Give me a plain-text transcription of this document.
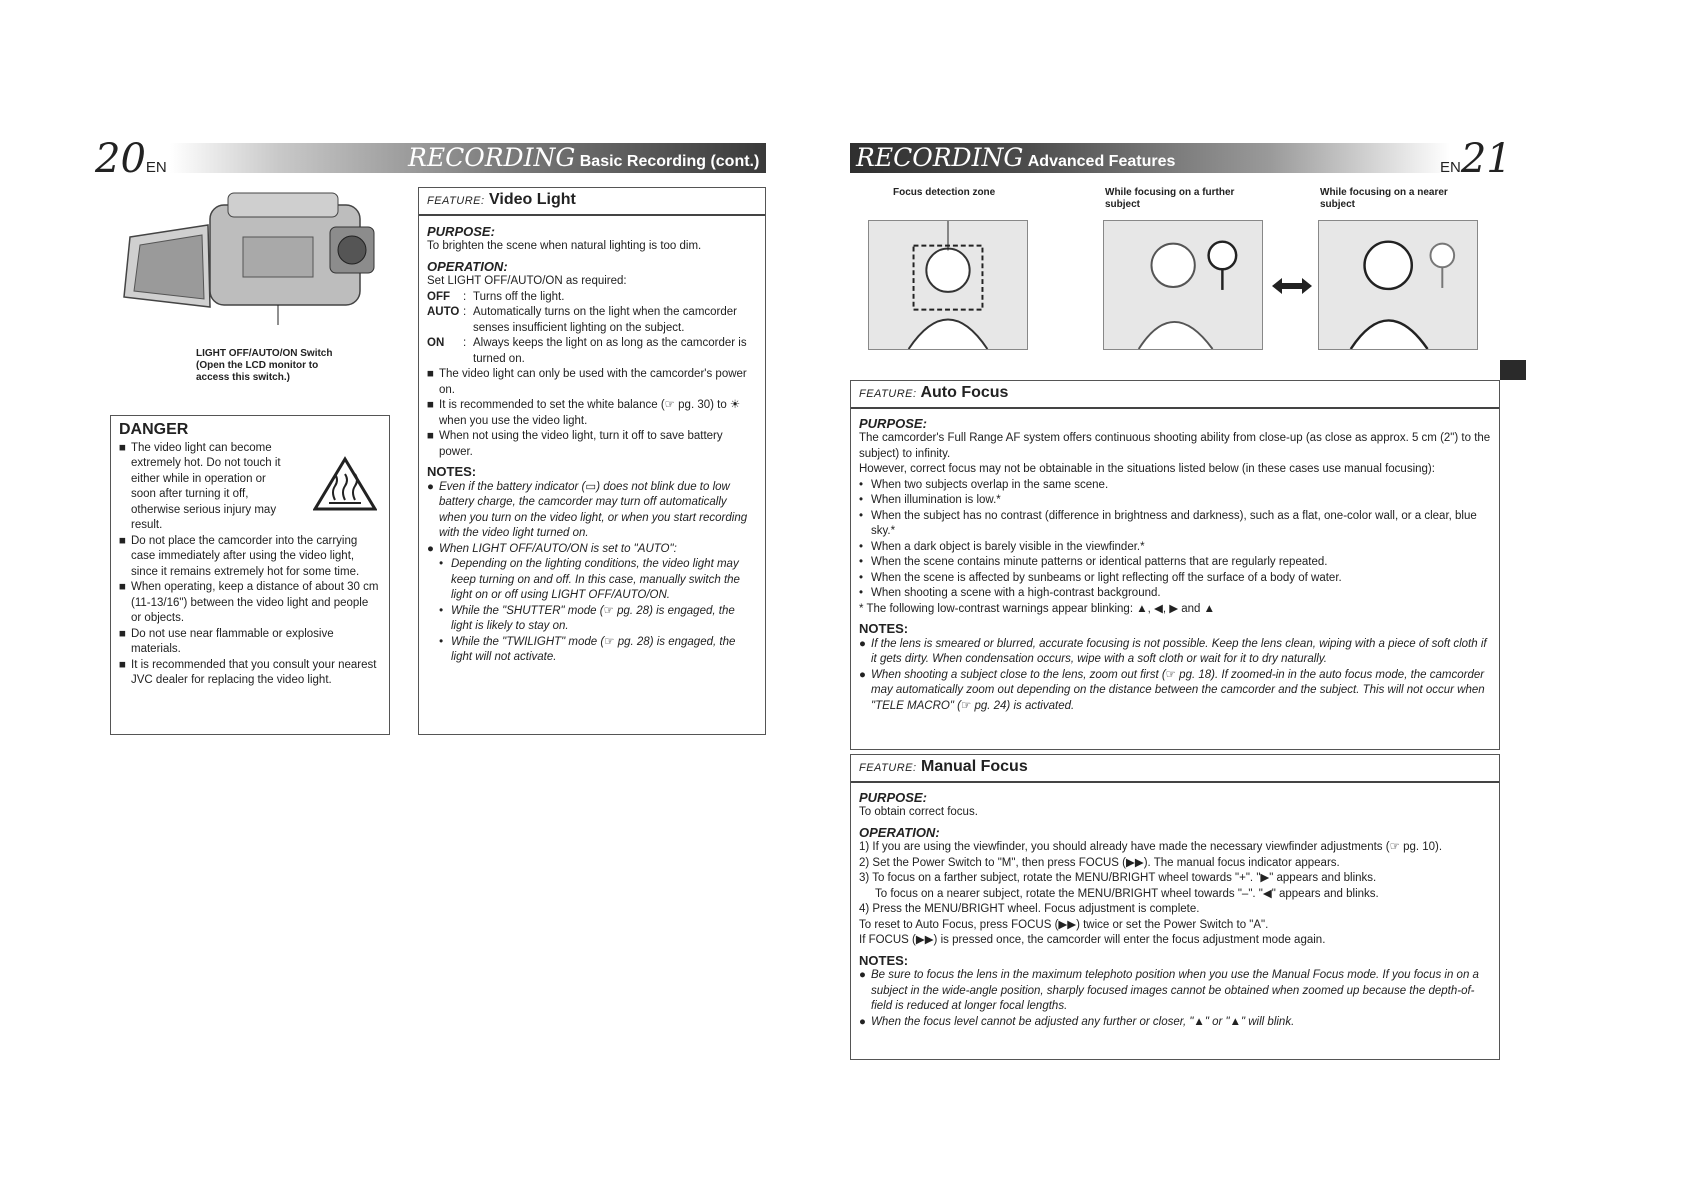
20EN	RECORDING Basic Recording (cont.)
LIGHT OFF/AUTO/ON Switch
(Open the LCD monitor to
access this switch.)
DANGER

■ The video light can become extremely hot. Do not touch it either while in operation or soon after turning it off, otherwise serious injury may result.

■ Do not place the camcorder into the carrying case immediately after using the video light, since it remains extremely hot for some time.

■ When operating, keep a distance of about 30 cm (11-13/16") between the video light and people or objects.

■ Do not use near flammable or explosive materials.

■ It is recommended that you consult your nearest JVC dealer for replacing the video light.

FEATURE: Video Light
PURPOSE:

To brighten the scene when natural lighting is too dim.

OPERATION:

Set LIGHT OFF/AUTO/ON as required:

OFF	: Turns off the light.
AUTO : Automatically turns on the light when the camcorder senses insufficient lighting on the subject.
ON	: Always keeps the light on as long as the camcorder is turned on.

■ The video light can only be used with the camcorder's power on.

■ It is recommended to set the white balance (☞ pg. 30) to ☀ when you use the video light.

■ When not using the video light, turn it off to save battery power.

NOTES:

● Even if the battery indicator (▭) does not blink due to low battery charge, the camcorder may turn off automatically when you turn on the video light, or when you start recording with the video light turned on.

● When LIGHT OFF/AUTO/ON is set to "AUTO":

• Depending on the lighting conditions, the video light may keep turning on and off. In this case, manually switch the light on or off using LIGHT OFF/AUTO/ON.

• While the "SHUTTER" mode (☞ pg. 28) is engaged, the light is likely to stay on.

• While the "TWILIGHT" mode (☞ pg. 28) is engaged, the light will not activate.

RECORDING Advanced Features	EN21
Focus detection zone	While focusing on a further subject
While focusing on a nearer subject
FEATURE: Auto Focus
PURPOSE:

The camcorder's Full Range AF system offers continuous shooting ability from close-up (as close as approx. 5 cm (2") to the subject) to infinity.

However, correct focus may not be obtainable in the situations listed below (in these cases use manual focusing):

• When two subjects overlap in the same scene.

• When illumination is low.*

• When the subject has no contrast (difference in brightness and darkness), such as a flat, one-color wall, or a clear, blue sky.*

• When a dark object is barely visible in the viewfinder.*

• When the scene contains minute patterns or identical patterns that are regularly repeated.

• When the scene is affected by sunbeams or light reflecting off the surface of a body of water.

• When shooting a scene with a high-contrast background.

* The following low-contrast warnings appear blinking: ▲, ◀, ▶ and ▲

NOTES:

● If the lens is smeared or blurred, accurate focusing is not possible. Keep the lens clean, wiping with a piece of soft cloth if it gets dirty. When condensation occurs, wipe with a soft cloth or wait for it to dry naturally.

● When shooting a subject close to the lens, zoom out first (☞ pg. 18). If zoomed-in in the auto focus mode, the camcorder may automatically zoom out depending on the distance between the camcorder and the subject. This will not occur when "TELE MACRO" (☞ pg. 24) is activated.

FEATURE: Manual Focus
PURPOSE:

To obtain correct focus.

OPERATION:

1) If you are using the viewfinder, you should already have made the necessary viewfinder adjustments (☞ pg. 10).

2) Set the Power Switch to "M", then press FOCUS (▶▶). The manual focus indicator appears.

3) To focus on a farther subject, rotate the MENU/BRIGHT wheel towards "+". "▶" appears and blinks.

To focus on a nearer subject, rotate the MENU/BRIGHT wheel towards "–". "◀" appears and blinks.

4) Press the MENU/BRIGHT wheel. Focus adjustment is complete.

To reset to Auto Focus, press FOCUS (▶▶) twice or set the Power Switch to "A".

If FOCUS (▶▶) is pressed once, the camcorder will enter the focus adjustment mode again.

NOTES:

● Be sure to focus the lens in the maximum telephoto position when you use the Manual Focus mode. If you focus in on a subject in the wide-angle position, sharply focused images cannot be obtained when zoomed up because the depth-of-field is reduced at longer focal lengths.

● When the focus level cannot be adjusted any further or closer, "▲" or "▲" will blink.
